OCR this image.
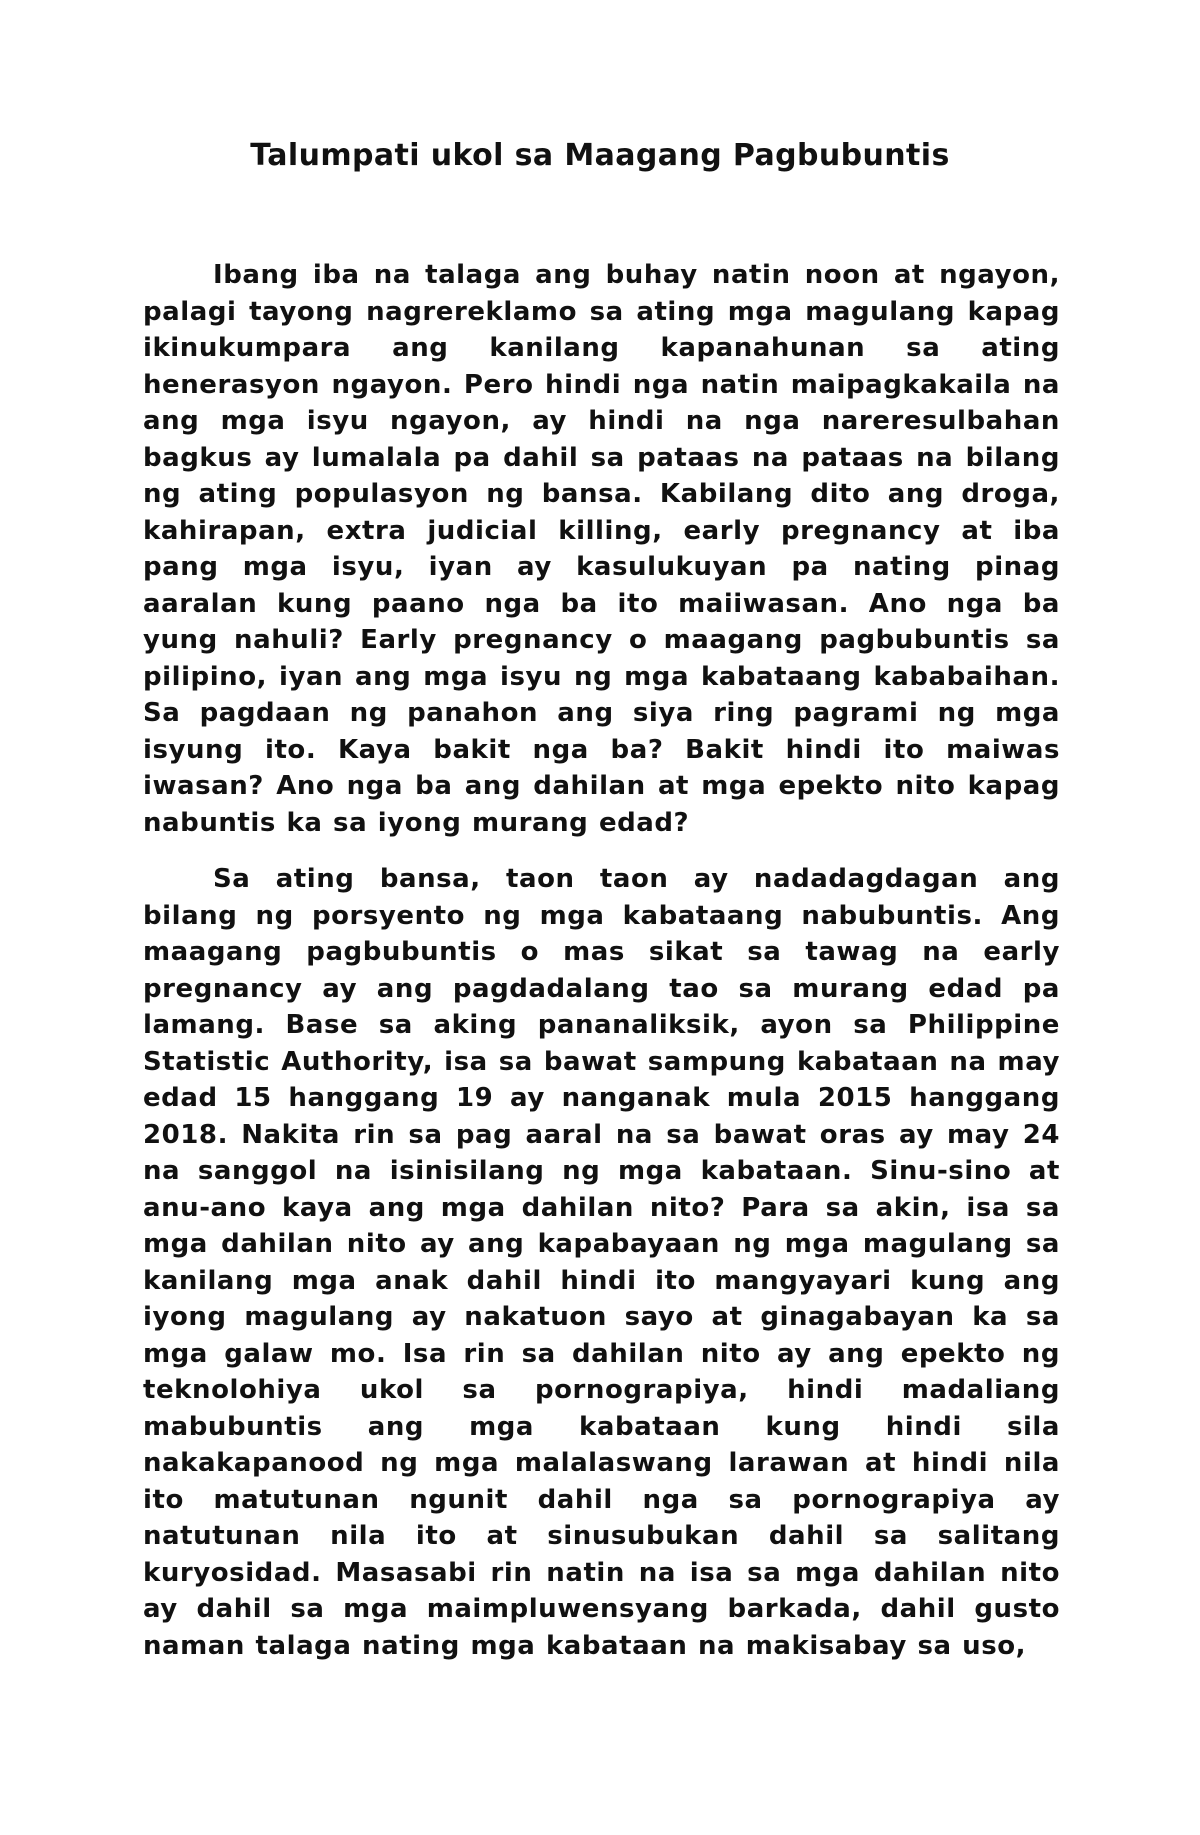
Talumpati ukol sa Maagang Pagbubuntis

Ibang iba na talaga ang buhay natin noon at ngayon, palagi tayong nagrereklamo sa ating mga magulang kapag ikinukumpara ang kanilang kapanahunan sa ating henerasyon ngayon. Pero hindi nga natin maipagkakaila na ang mga isyu ngayon, ay hindi na nga nareresulbahan bagkus ay lumalala pa dahil sa pataas na pataas na bilang ng ating populasyon ng bansa. Kabilang dito ang droga, kahirapan, extra judicial killing, early pregnancy at iba pang mga isyu, iyan ay kasulukuyan pa nating pinag aaralan kung paano nga ba ito maiiwasan. Ano nga ba yung nahuli? Early pregnancy o maagang pagbubuntis sa pilipino, iyan ang mga isyu ng mga kabataang kababaihan. Sa pagdaan ng panahon ang siya ring pagrami ng mga isyung ito. Kaya bakit nga ba? Bakit hindi ito maiwas iwasan? Ano nga ba ang dahilan at mga epekto nito kapag nabuntis ka sa iyong murang edad?

Sa ating bansa, taon taon ay nadadagdagan ang bilang ng porsyento ng mga kabataang nabubuntis. Ang maagang pagbubuntis o mas sikat sa tawag na early pregnancy ay ang pagdadalang tao sa murang edad pa lamang. Base sa aking pananaliksik, ayon sa Philippine Statistic Authority, isa sa bawat sampung kabataan na may edad 15 hanggang 19 ay nanganak mula 2015 hanggang 2018. Nakita rin sa pag aaral na sa bawat oras ay may 24 na sanggol na isinisilang ng mga kabataan. Sinu-sino at anu-ano kaya ang mga dahilan nito? Para sa akin, isa sa mga dahilan nito ay ang kapabayaan ng mga magulang sa kanilang mga anak dahil hindi ito mangyayari kung ang iyong magulang ay nakatuon sayo at ginagabayan ka sa mga galaw mo. Isa rin sa dahilan nito ay ang epekto ng teknolohiya ukol sa pornograpiya, hindi madaliang mabubuntis ang mga kabataan kung hindi sila nakakapanood ng mga malalaswang larawan at hindi nila ito matutunan ngunit dahil nga sa pornograpiya ay natutunan nila ito at sinusubukan dahil sa salitang kuryosidad. Masasabi rin natin na isa sa mga dahilan nito ay dahil sa mga maimpluwensyang barkada, dahil gusto naman talaga nating mga kabataan na makisabay sa uso,
